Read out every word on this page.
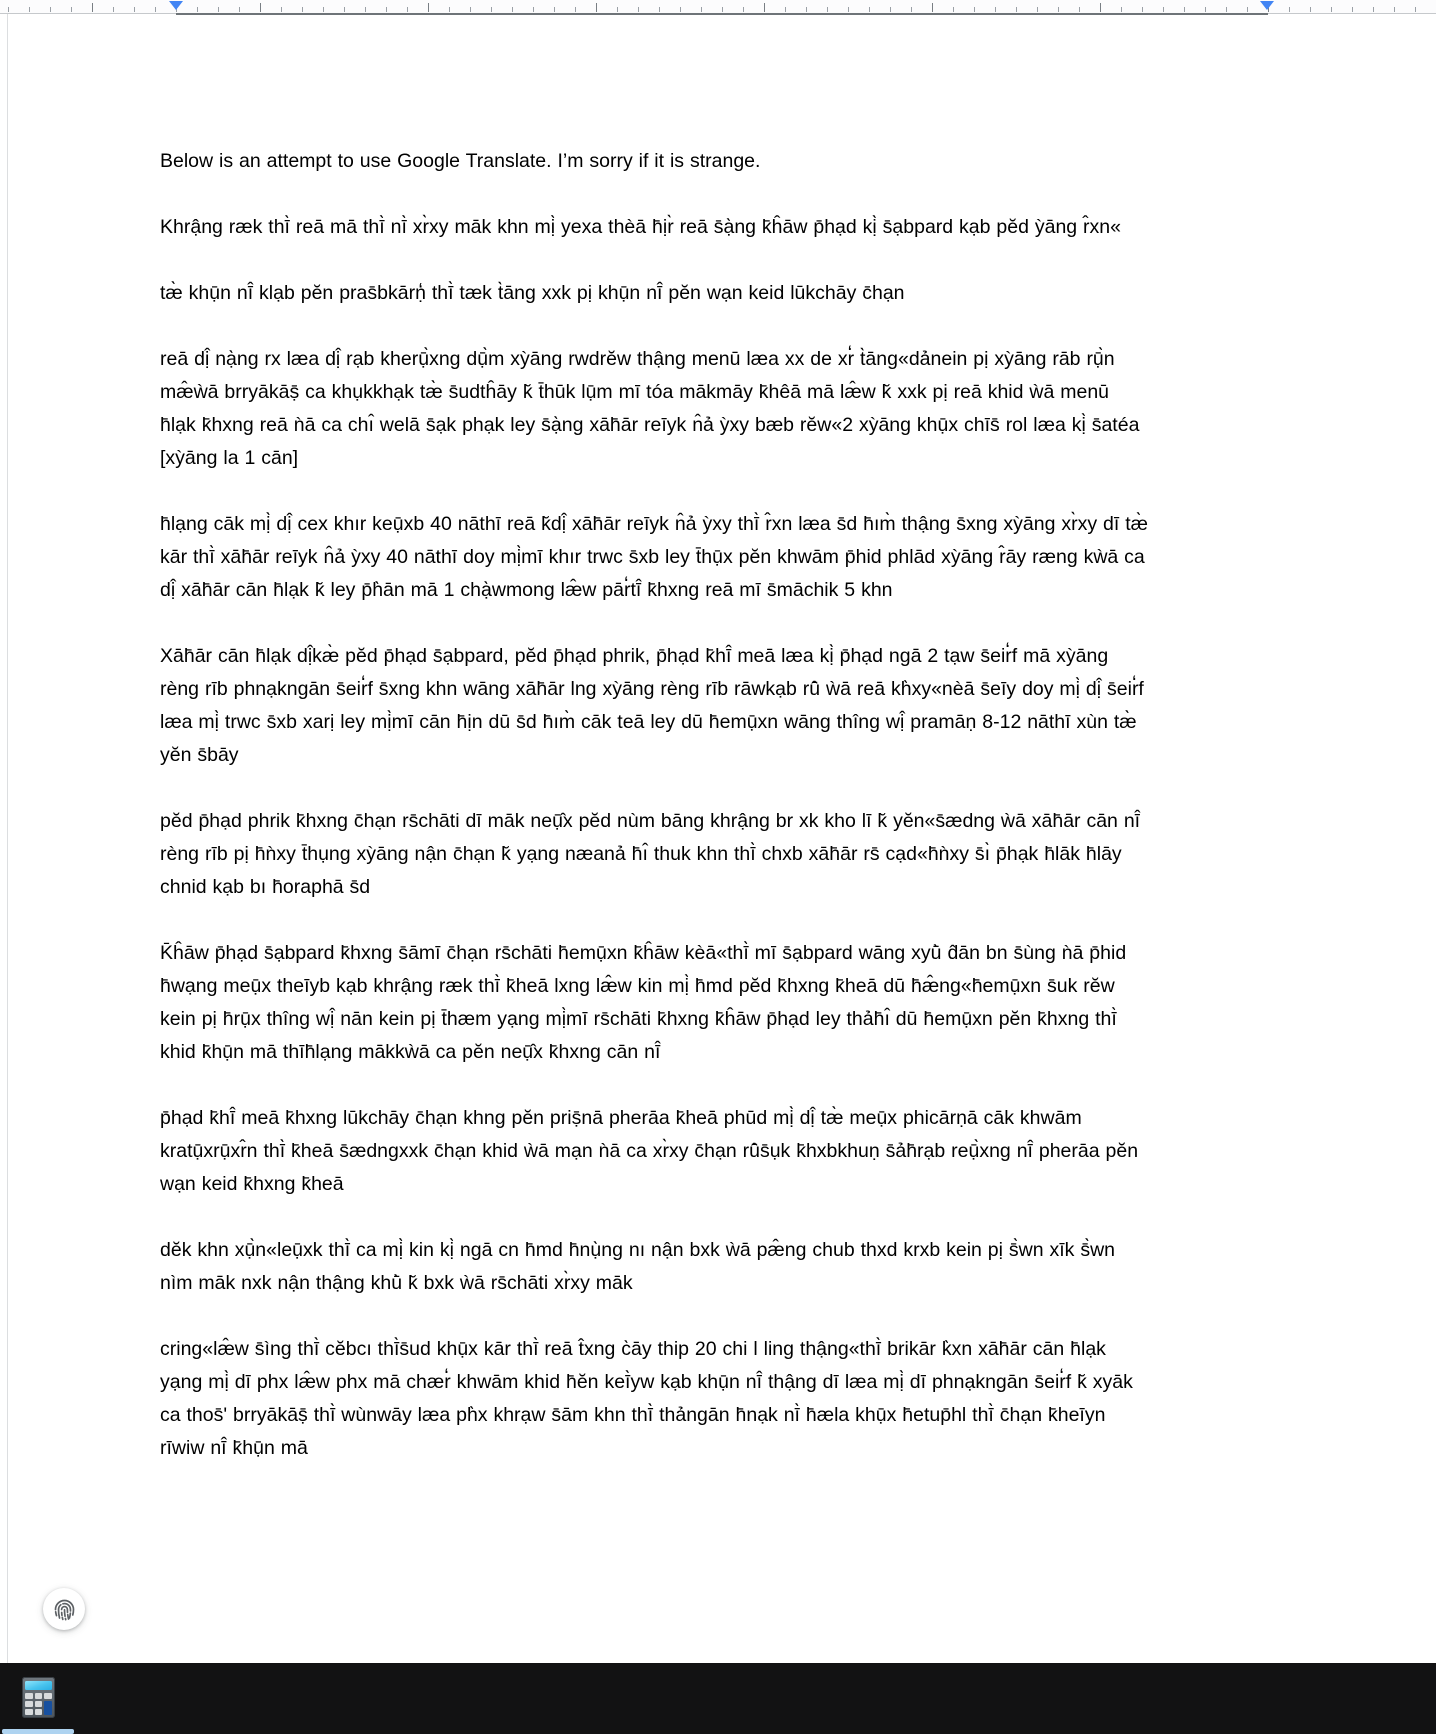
Below is an attempt to use Google Translate. I’m sorry if it is strange.

Khrậng ræk thī̀ reā mā thī̀ nī̀ xr̀xy māk khn mị̀ yexa thèā h̄ịr̀ reā s̄ạ̀ng k̄ĥāw p̄hạd kị̀ s̄ạbpard kạb pĕd ỳāng r̂xn«

tæ̀ khụ̄n nī̂ klạb pĕn pras̄bkārṇ̒ thī̀ tæk t̀āng xxk pị khụ̄n nī̂ pĕn wạn keid lūkchāy c̄hạn

reā dị̂ nạ̀ng rx læa dị̂ rạb kherụ̄̀xng dụ̄̀m xỳāng rwdrĕw thậng menū læa xx de xr̒ t̀āng«dảnein pị xỳāng rāb rụ̄̀n mæ̂ẁā brryākāṣ̄ ca khụkkhạk tæ̀ s̄udtĥāy k̆ t̄hūk lụ̄m mī tóa mākmāy k̄hêā mā læ̂w k̆ xxk pị reā khid ẁā menū h̄lạk k̄hxng reā ǹā ca chı̂ welā s̄ạk phạk ley s̄ạ̀ng xāh̄ār reīyk n̂ả ỳxy bæb rĕw«2 xỳāng khụ̄x chīs̄ rol læa kị̀ s̄atéa [xỳāng la 1 cān]

h̄lạng cāk mị̀ dị̂ cex khır keụ̄xb 40 nāthī reā k̆dị̂ xāh̄ār reīyk n̂ả ỳxy thī̀ r̂xn læa s̄d h̄ım̀ thậng s̄xng xỳāng xr̀xy dī tæ̀ kār thī̀ xāh̄ār reīyk n̂ả ỳxy 40 nāthī doy mị̀mī khır trwc s̄xb ley t̄hụ̄x pĕn khwām p̄hid phlād xỳāng r̂āy ræng kẁā ca dị̂ xāh̄ār cān h̄lạk k̆ ley p̄h̀ān mā 1 chạ̀wmong læ̂w pār̒tī̂ k̄hxng reā mī s̄māchik 5 khn

Xāh̄ār cān h̄lạk dị̂kæ̀ pĕd p̄hạd s̄ạbpard, pĕd p̄hạd phrik, p̄hạd k̄hī̂ meā læa kị̀ p̄hạd ngā 2 tạw s̄eir̒f mā xỳāng rèng rīb phnạkngān s̄eir̒f s̄xng khn wāng xāh̄ār lng xỳāng rèng rīb rāwkạb rū̂ ẁā reā kh̀xy«nèā s̄eīy doy mị̀ dị̂ s̄eir̒f læa mị̀ trwc s̄xb xarị ley mị̀mī cān h̄ịn dū s̄d h̄ım̀ cāk teā ley dū h̄emụ̄xn wāng thîng wị̂ pramāṇ 8-12 nāthī xùn tæ̀ yĕn s̄bāy

pĕd p̄hạd phrik k̄hxng c̄hạn rs̄chāti dī māk neụ̄̂x pĕd nùm bāng khrậng br xk kho lī k̆ yĕn«s̄ædng ẁā xāh̄ār cān nī̂ rèng rīb pị h̄ǹxy t̄hụng xỳāng nận c̄hạn k̆ yạng næanả h̄ı̂ thuk khn thī̀ chxb xāh̄ār rs̄ cạd«h̄ǹxy s̄ı̀ p̄hạk h̄lāk h̄lāy chnid kạb bı h̄oraphā s̄d

K̄ĥāw p̄hạd s̄ạbpard k̄hxng s̄āmī c̄hạn rs̄chāti h̄emụ̄xn k̄ĥāw kèā«thī̀ mī s̄ạbpard wāng xyū̀ d̂ān bn s̄ùng ǹā p̄hid h̄wạng meụ̄x theīyb kạb khrậng ræk thī̀ k̄heā lxng læ̂w kin mị̀ h̄md pĕd k̄hxng k̄heā dū h̄æ̂ng«h̄emụ̄xn s̄uk rĕw kein pị h̄rụ̄x thîng wị̂ nān kein pị t̄hæm yạng mị̀mī rs̄chāti k̄hxng k̄ĥāw p̄hạd ley thảh̄ı̂ dū h̄emụ̄xn pĕn k̄hxng thī̀ khid k̄hụ̄n mā thīh̄lạng mākkẁā ca pĕn neụ̄̂x k̄hxng cān nī̂

p̄hạd k̄hī̂ meā k̄hxng lūkchāy c̄hạn khng pĕn priṣ̄nā pherāa k̄heā phūd mị̀ dị̂ tæ̀ meụ̄x phicārṇā cāk khwām kratụ̄xrụ̄xr̂n thī̀ k̄heā s̄ædngxxk c̄hạn khid ẁā mạn ǹā ca xr̀xy c̄hạn rū̂s̄ụk k̄hxbkhuṇ s̄ảh̄rạb reụ̄̀xng nī̂ pherāa pĕn wạn keid k̄hxng k̄heā

dĕk khn xụ̄̀n«leụ̄xk thī̀ ca mị̀ kin kị̀ ngā cn h̄md h̄nụ̀ng nı nận bxk ẁā pæ̂ng chub thxd krxb kein pị s̄̀wn xīk s̄̀wn nìm māk nxk nận thậng khū̀ k̆ bxk ẁā rs̄chāti xr̀xy māk

cring«læ̂w s̄ìng thī̀ cĕbcı thī̀s̄ud khụ̄x kār thī̀ reā t̂xng c̀āy thip 20 chi l ling thậng«thī̀ brikār k̀xn xāh̄ār cān h̄lạk yạng mị̀ dī phx læ̂w phx mā chær̒ khwām khid h̄ĕn keī̀yw kạb khụ̄n nī̂ thậng dī læa mị̀ dī phnạkngān s̄eir̒f k̆ xyāk ca thos̄' brryākāṣ̄ thī̀ wùnwāy læa ph̀x khrạw s̄ām khn thī̀ thảngān h̄nạk nī̀ h̄æla khụ̄x h̄etup̄hl thī̀ c̄hạn k̄heīyn rīwiw nī̂ k̄hụ̄n mā
